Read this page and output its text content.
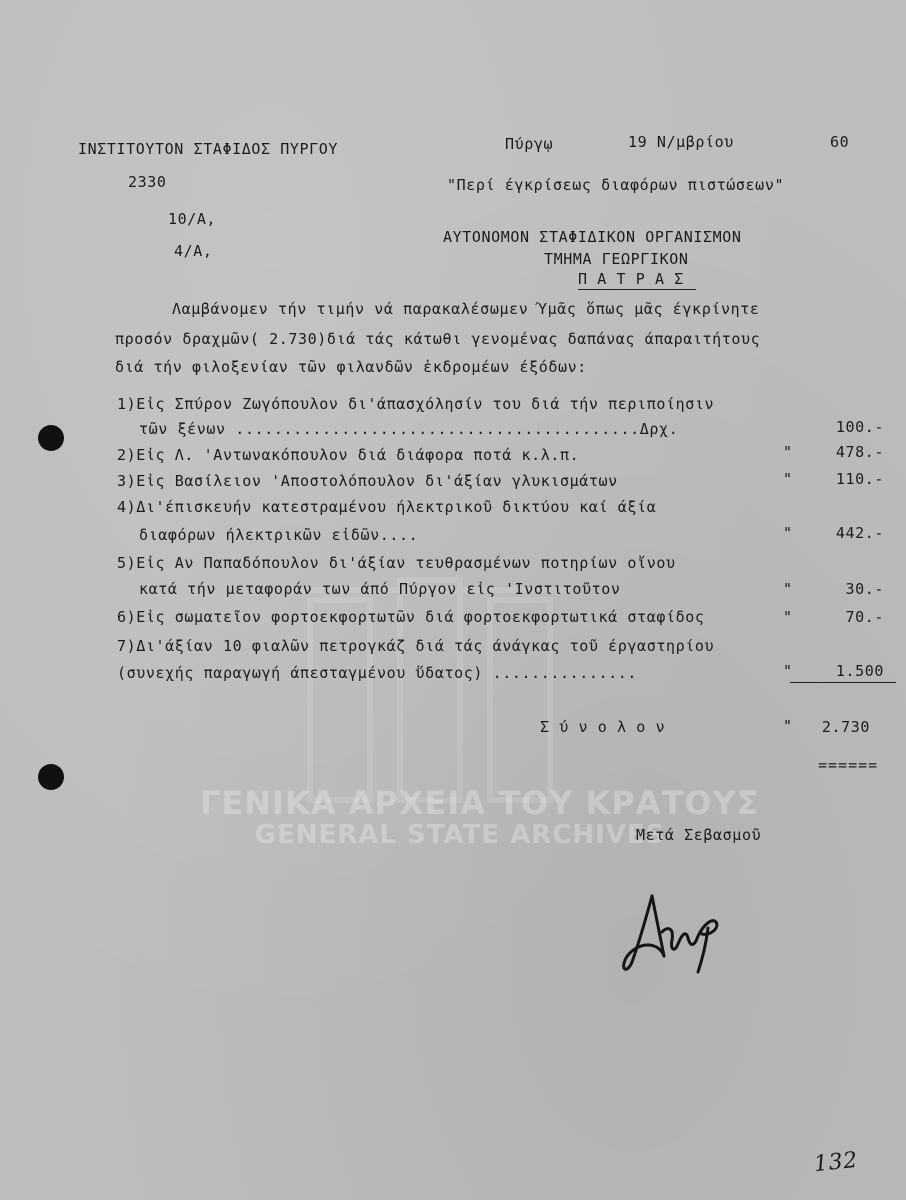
ΓΕΝΙΚΑ ΑΡΧΕΙΑ ΤΟΥ ΚΡΑΤΟΥΣ
GENERAL STATE ARCHIVES
ΙΝΣΤΙΤΟΥΤΟΝ ΣΤΑΦΙΔΟΣ ΠΥΡΓΟΥ	Πύργῳ	19 Ν/μβρίου	60
2330	"Περί έγκρίσεως διαφόρων πιστώσεων"
10/A,
4/A,
ΑΥΤΟΝΟΜΟΝ ΣΤΑΦΙΔΙΚΟΝ ΟΡΓΑΝΙΣΜΟΝ
ΤΜΗΜΑ ΓΕΩΡΓΙΚΟΝ
Π Α Τ Ρ Α Σ
Λαμβάνομεν τήν τιμήν νά παρακαλέσωμεν Ύμᾶς ὅπως μᾶς έγκρίνητε
προσόν δραχμῶν( 2.730)διά τάς κάτωθι γενομένας δαπάνας άπαραιτήτους
διά τήν φιλοξενίαν τῶν φιλανδῶν ἐκδρομέων έξόδων:
1)Εἰς Σπύρον Ζωγόπουλον δι'άπασχόλησίν του διά τήν περιποίησιν
τῶν ξένων ..........................................Δρχ.	100.-
2)Εἰς Λ. 'Αντωνακόπουλον διά διάφορα ποτά κ.λ.π.	"	478.-
3)Εἰς Βασίλειον 'Αποστολόπουλον δι'άξίαν γλυκισμάτων	"	110.-
4)Δι'έπισκευήν κατεστραμένου ήλεκτρικοῦ δικτύου καί άξία
διαφόρων ήλεκτρικῶν εἰδῶν....	"	442.-
5)Εἰς Αν Παπαδόπουλον δι'άξίαν τευθρασμένων ποτηρίων οἴνου
κατά τήν μεταφοράν των άπό Πύργον εἰς 'Ινστιτοῦτον	"	30.-
6)Εἰς σωματεῖον φορτοεκφορτωτῶν διά φορτοεκφορτωτικά σταφίδος	"	70.-
7)Δι'άξίαν 10 φιαλῶν πετρογκάζ διά τάς άνάγκας τοῦ έργαστηρίου
(συνεχής παραγωγή άπεσταγμένου ὕδατος) ...............	"	1.500
Σ ύ ν ο λ ο ν	"	2.730
======
Μετά Σεβασμοῦ
132
